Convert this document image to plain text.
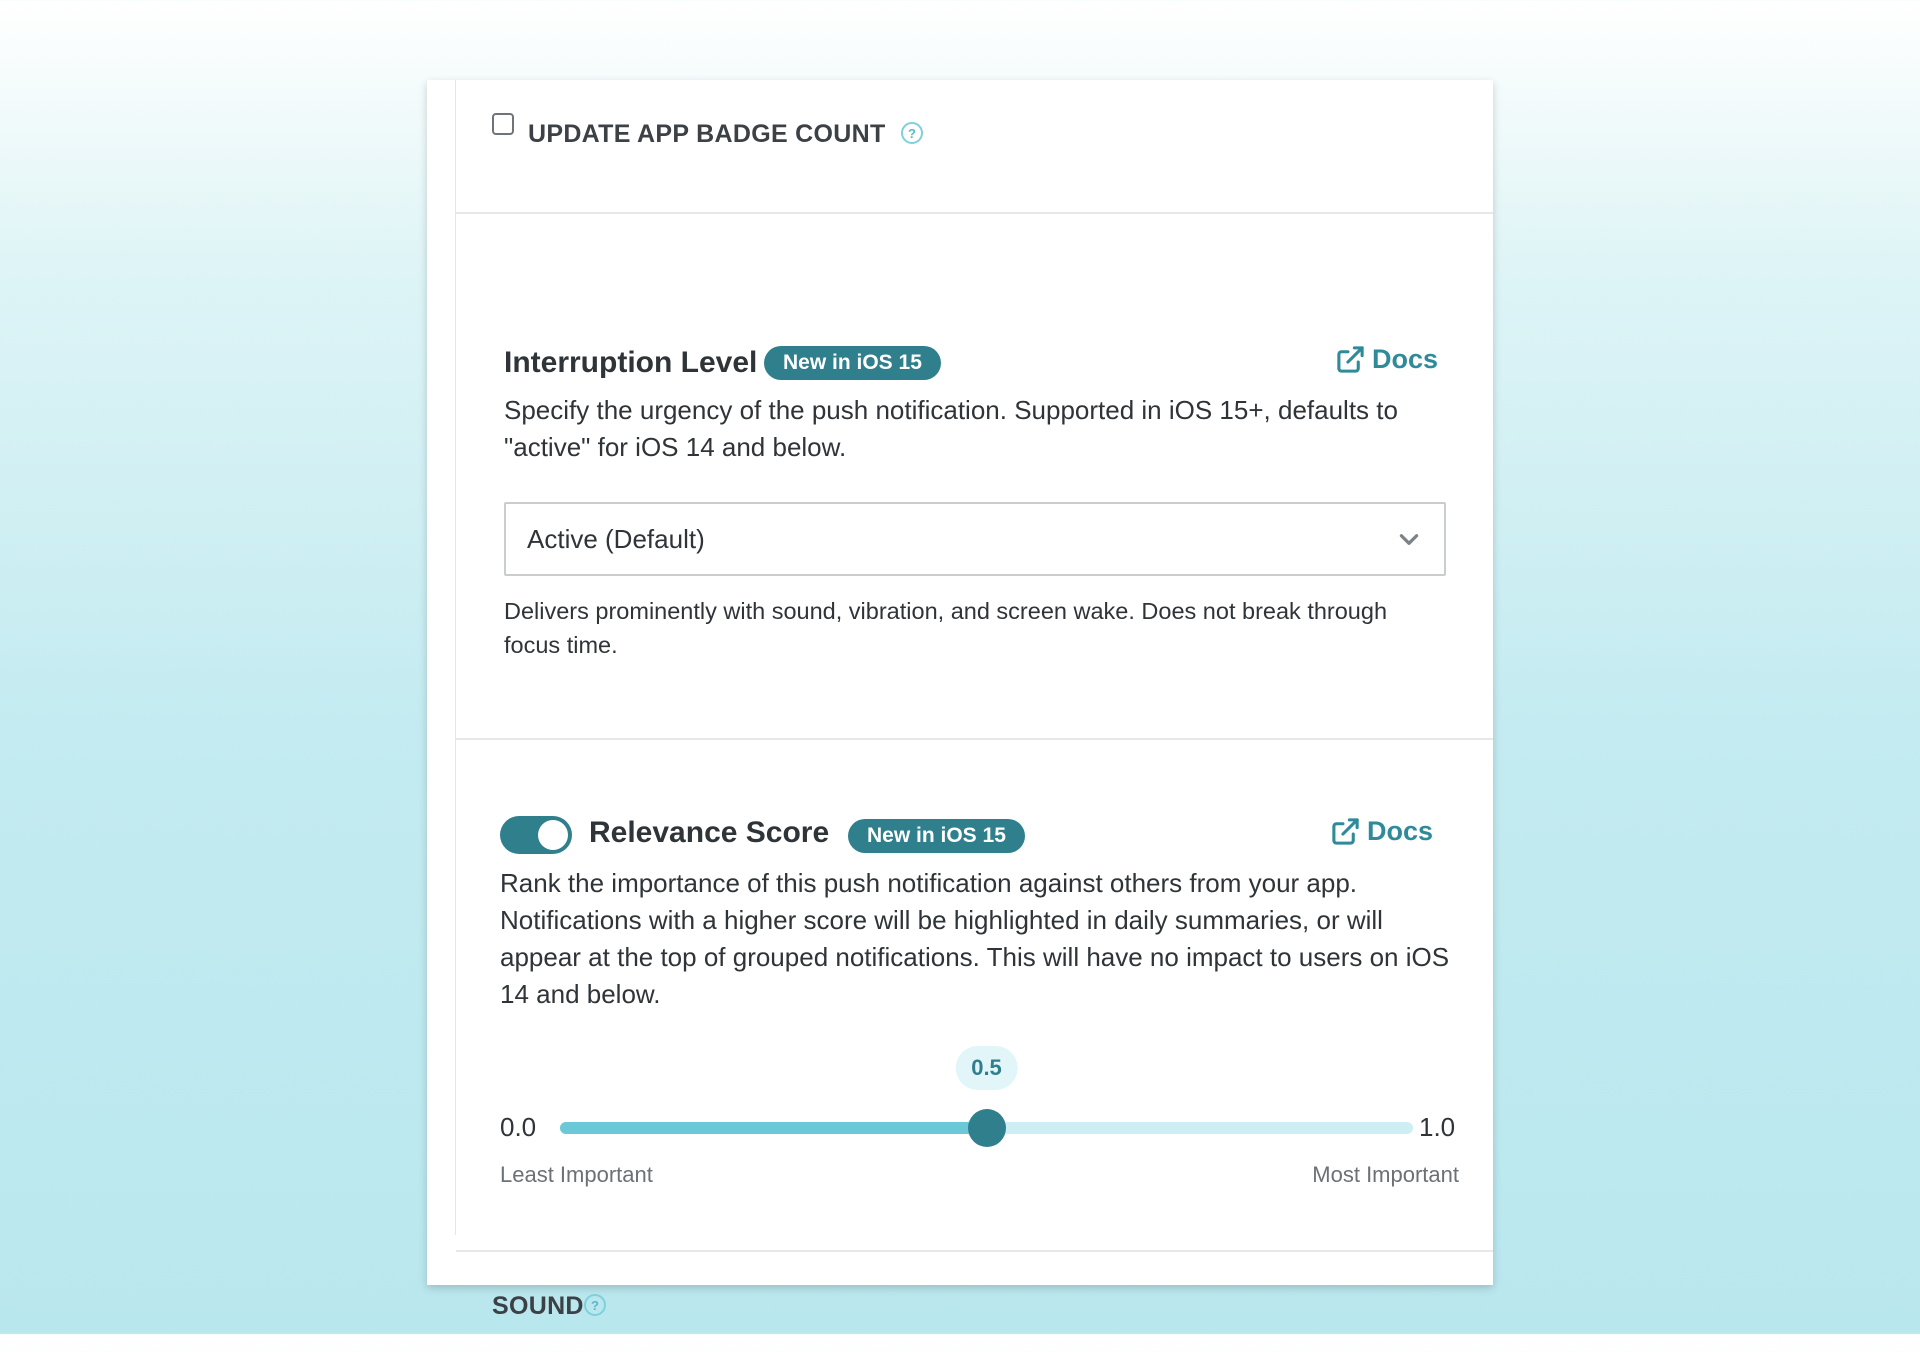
UPDATE APP BADGE COUNT	?
Interruption Level	New in iOS 15	Docs
Specify the urgency of the push notification. Supported in iOS 15+, defaults to "active" for iOS 14 and below.
Active (Default)
Delivers prominently with sound, vibration, and screen wake. Does not break through focus time.
Relevance Score	New in iOS 15	Docs
Rank the importance of this push notification against others from your app. Notifications with a higher score will be highlighted in daily summaries, or will appear at the top of grouped notifications. This will have no impact to users on iOS 14 and below.
0.5
0.0	1.0
Least Important	Most Important
SOUND ?
